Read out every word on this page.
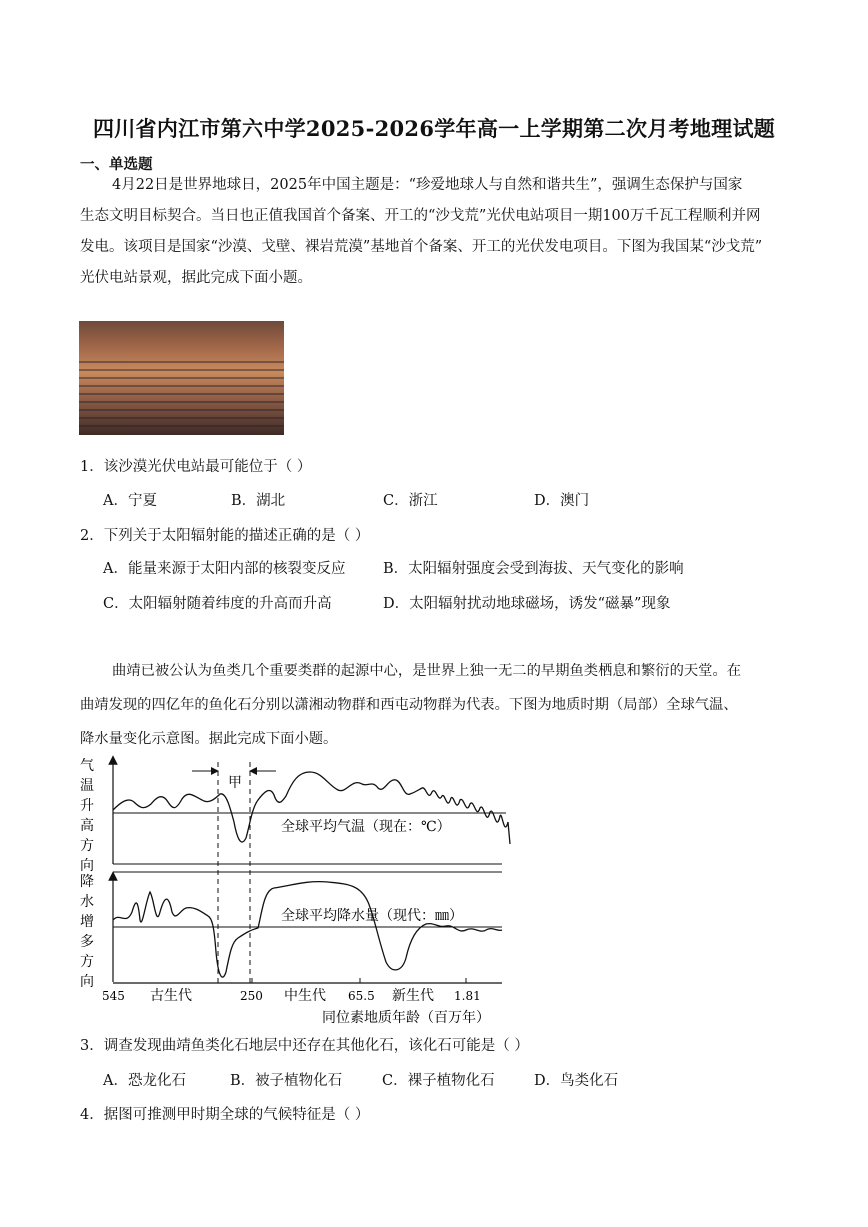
四川省内江市第六中学2025-2026学年高一上学期第二次月考地理试题
一、单选题
4月22日是世界地球日，2025年中国主题是：“珍爱地球人与自然和谐共生”，强调生态保护与国家
生态文明目标契合。当日也正值我国首个备案、开工的“沙戈荒”光伏电站项目一期100万千瓦工程顺利并网
发电。该项目是国家“沙漠、戈壁、裸岩荒漠”基地首个备案、开工的光伏发电项目。下图为我国某“沙戈荒”
光伏电站景观，据此完成下面小题。
1．该沙漠光伏电站最可能位于（ ）
A．宁夏	B．湖北	C．浙江	D．澳门
2．下列关于太阳辐射能的描述正确的是（ ）
A．能量来源于太阳内部的核裂变反应	B．太阳辐射强度会受到海拔、天气变化的影响
C．太阳辐射随着纬度的升高而升高	D．太阳辐射扰动地球磁场，诱发“磁暴”现象
曲靖已被公认为鱼类几个重要类群的起源中心，是世界上独一无二的早期鱼类栖息和繁衍的天堂。在
曲靖发现的四亿年的鱼化石分别以潇湘动物群和西屯动物群为代表。下图为地质时期（局部）全球气温、
降水量变化示意图。据此完成下面小题。
甲
全球平均气温（现在：℃）
全球平均降水量（现代：㎜）
气
温
升
高
方
向
降
水
增
多
方
向
545	250	65.5	1.81
古生代	中生代	新生代
同位素地质年龄（百万年）
3．调查发现曲靖鱼类化石地层中还存在其他化石，该化石可能是（ ）
A．恐龙化石	B．被子植物化石	C．裸子植物化石	D．鸟类化石
4．据图可推测甲时期全球的气候特征是（ ）
